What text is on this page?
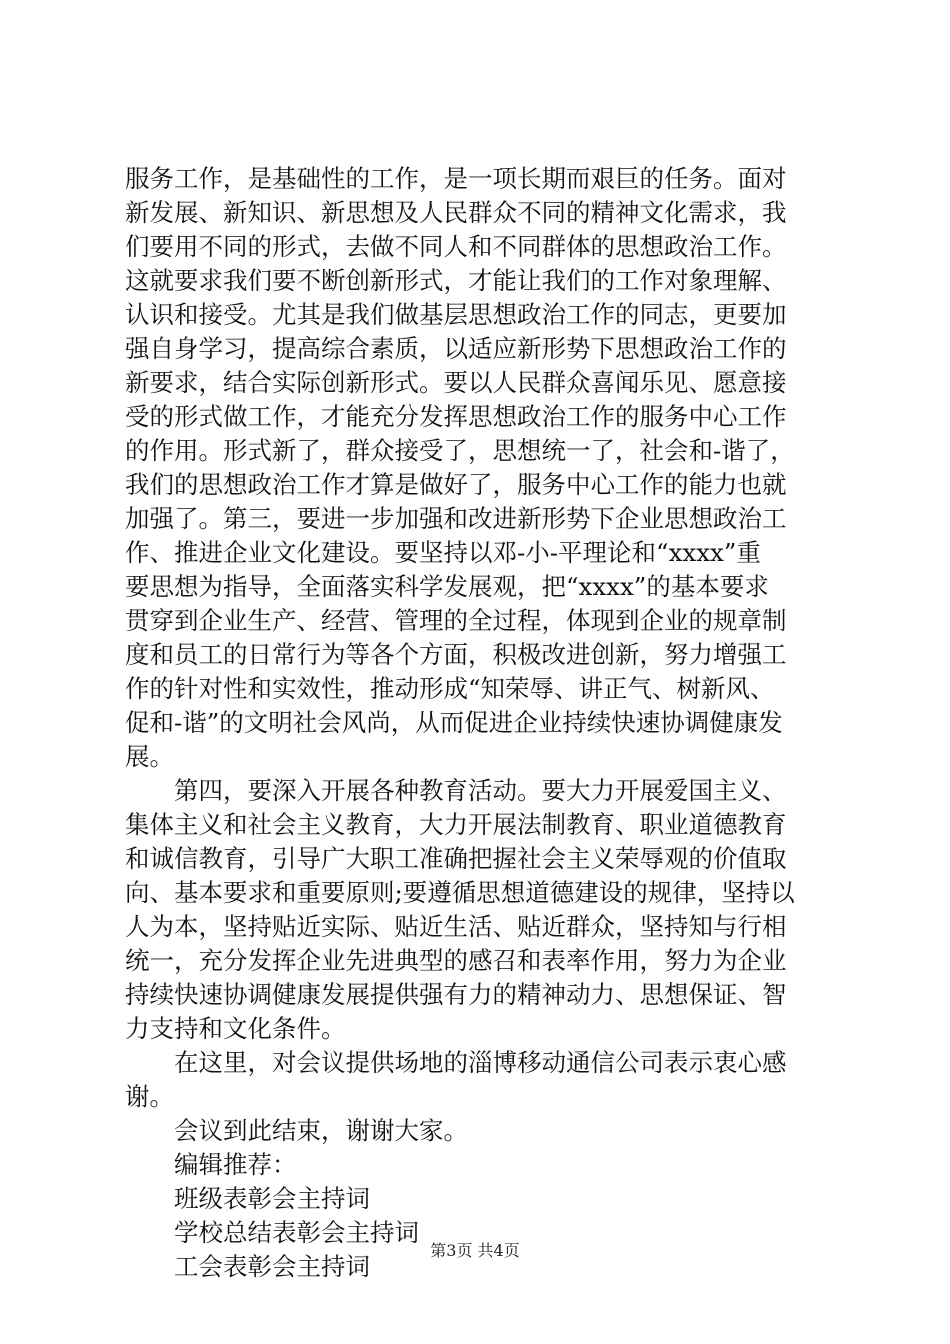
服务工作，是基础性的工作，是一项长期而艰巨的任务。面对
新发展、新知识、新思想及人民群众不同的精神文化需求，我
们要用不同的形式，去做不同人和不同群体的思想政治工作。
这就要求我们要不断创新形式，才能让我们的工作对象理解、
认识和接受。尤其是我们做基层思想政治工作的同志，更要加
强自身学习，提高综合素质，以适应新形势下思想政治工作的
新要求，结合实际创新形式。要以人民群众喜闻乐见、愿意接
受的形式做工作，才能充分发挥思想政治工作的服务中心工作
的作用。形式新了，群众接受了，思想统一了，社会和-谐了，
我们的思想政治工作才算是做好了，服务中心工作的能力也就
加强了。第三，要进一步加强和改进新形势下企业思想政治工
作、推进企业文化建设。要坚持以邓-小-平理论和“xxxx”重
要思想为指导，全面落实科学发展观，把“xxxx”的基本要求
贯穿到企业生产、经营、管理的全过程，体现到企业的规章制
度和员工的日常行为等各个方面，积极改进创新，努力增强工
作的针对性和实效性，推动形成“知荣辱、讲正气、树新风、
促和-谐”的文明社会风尚，从而促进企业持续快速协调健康发
展。
　　第四，要深入开展各种教育活动。要大力开展爱国主义、
集体主义和社会主义教育，大力开展法制教育、职业道德教育
和诚信教育，引导广大职工准确把握社会主义荣辱观的价值取
向、基本要求和重要原则;要遵循思想道德建设的规律，坚持以
人为本，坚持贴近实际、贴近生活、贴近群众，坚持知与行相
统一，充分发挥企业先进典型的感召和表率作用，努力为企业
持续快速协调健康发展提供强有力的精神动力、思想保证、智
力支持和文化条件。
　　在这里，对会议提供场地的淄博移动通信公司表示衷心感
谢。
　　会议到此结束，谢谢大家。
　　编辑推荐：
　　班级表彰会主持词
　　学校总结表彰会主持词
　　工会表彰会主持词
第3页 共4页
